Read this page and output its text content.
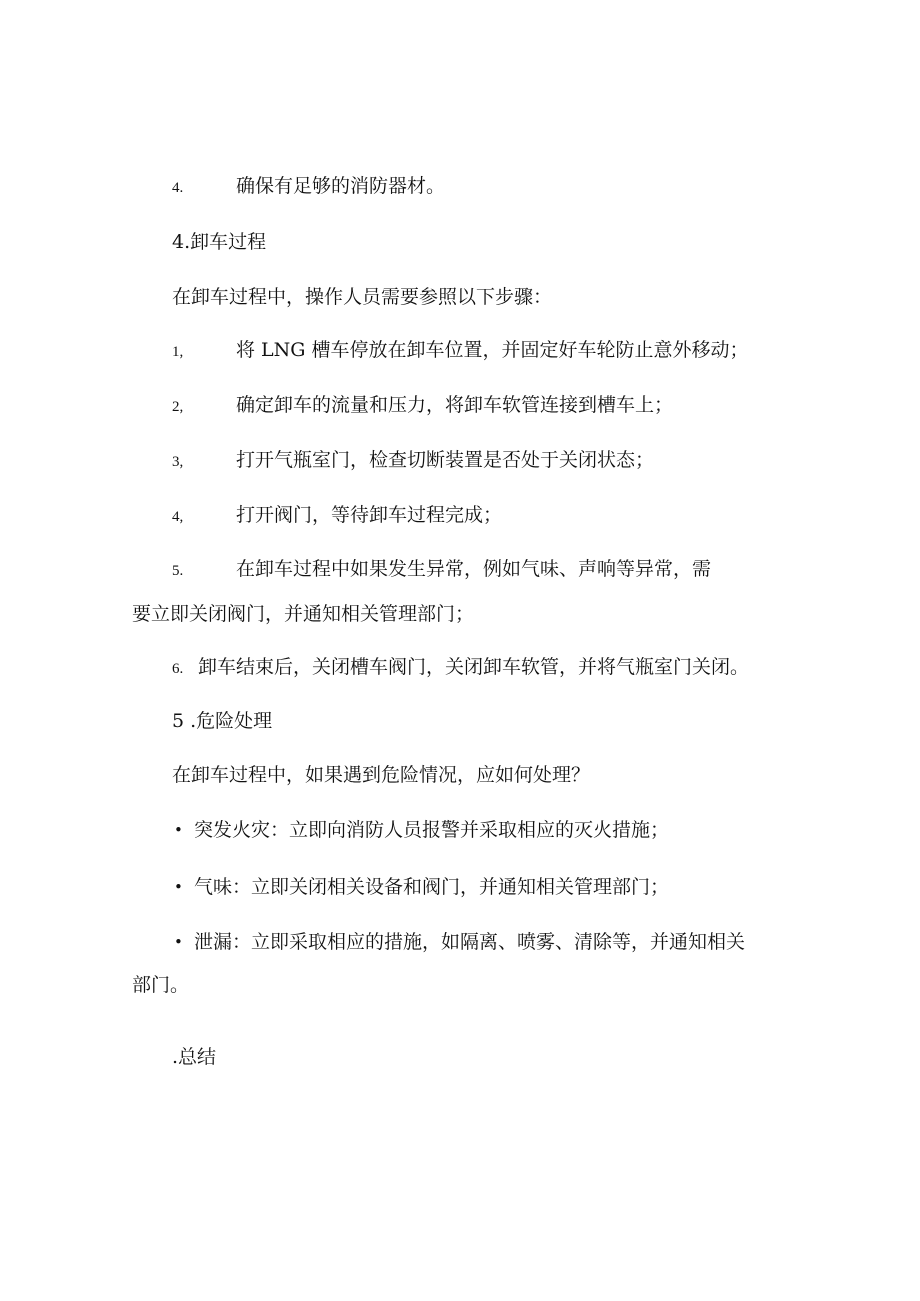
4.	确保有足够的消防器材。
4.卸车过程
在卸车过程中，操作人员需要参照以下步骤：
1,	将 LNG 槽车停放在卸车位置，并固定好车轮防止意外移动；
2,	确定卸车的流量和压力，将卸车软管连接到槽车上；
3,	打开气瓶室门，检查切断装置是否处于关闭状态；
4,	打开阀门，等待卸车过程完成；
5.	在卸车过程中如果发生异常，例如气味、声响等异常，需
要立即关闭阀门，并通知相关管理部门；
6. 卸车结束后，关闭槽车阀门，关闭卸车软管，并将气瓶室门关闭。
5 .危险处理
在卸车过程中，如果遇到危险情况，应如何处理？
• 突发火灾：立即向消防人员报警并采取相应的灭火措施；
• 气味：立即关闭相关设备和阀门，并通知相关管理部门；
• 泄漏：立即采取相应的措施，如隔离、喷雾、清除等，并通知相关
部门。
.总结
